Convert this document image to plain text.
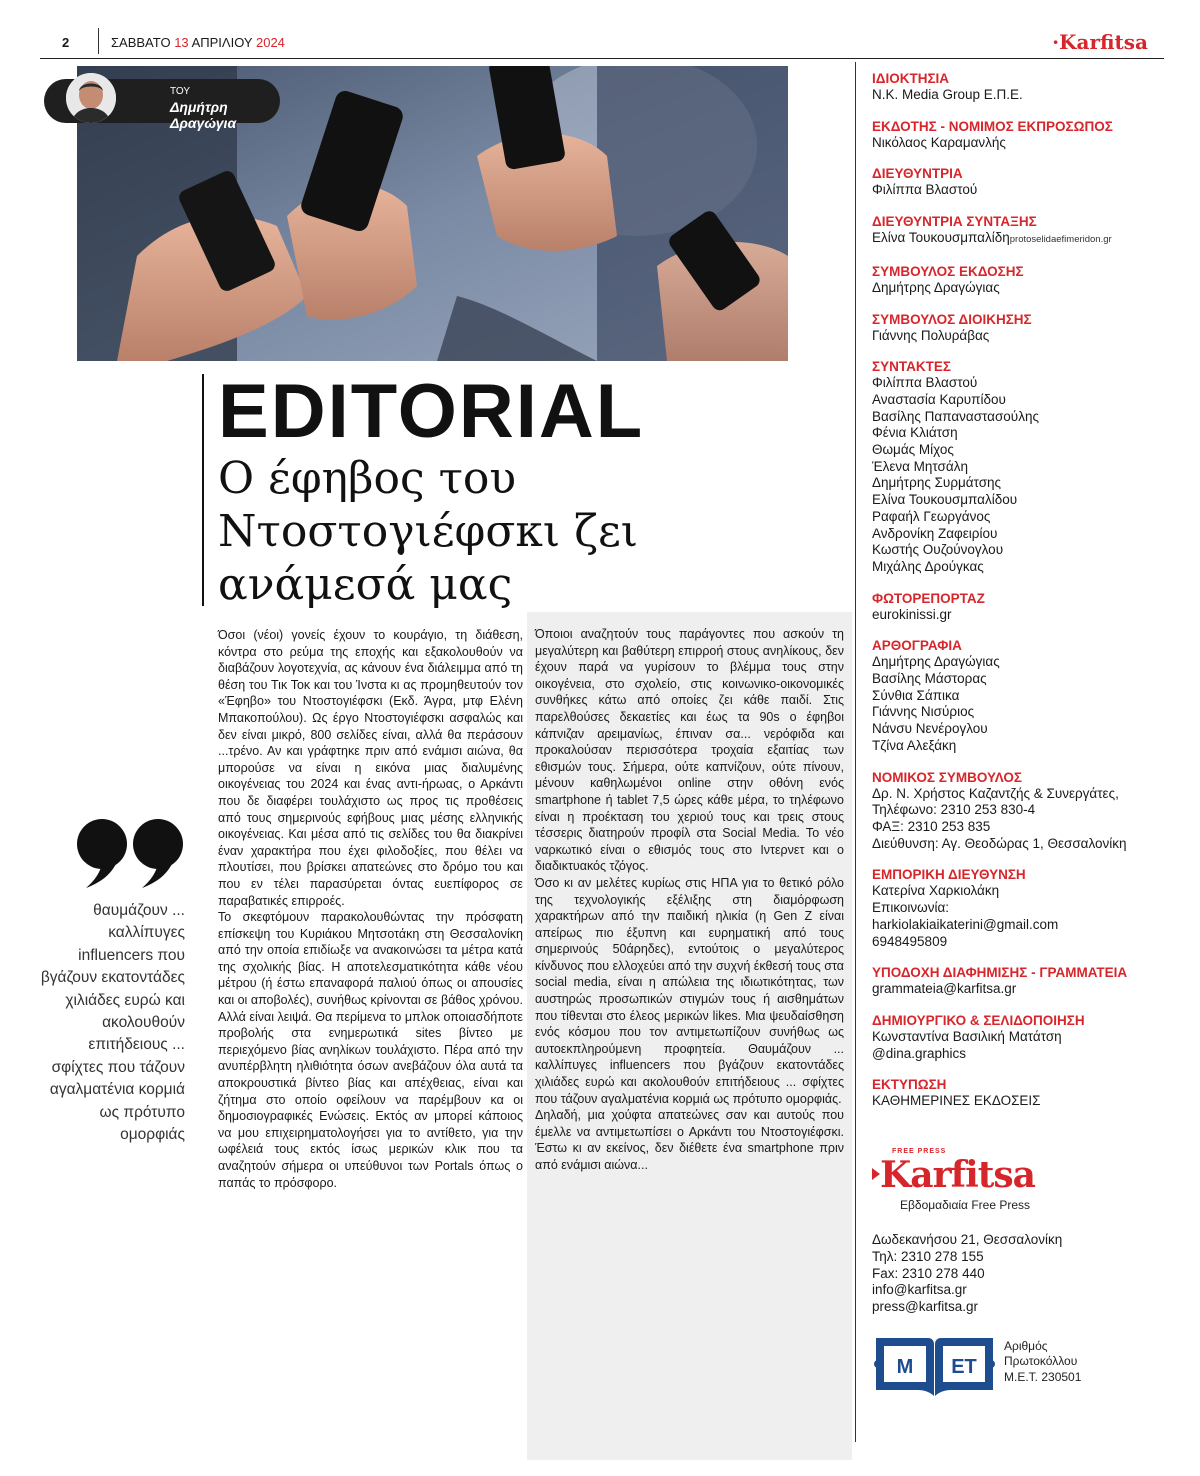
2	ΣΑΒΒΑΤΟ 13 ΑΠΡΙΛΙΟΥ 2024	·Karfitsa
ΤΟΥ
Δημήτρη Δραγώγια
EDITORIAL
Ο έφηβος του Ντοστογιέφσκι ζει ανάμεσά μας
θαυμάζουν ... καλλίπυγες influencers που βγάζουν εκατοντάδες χιλιάδες ευρώ και ακολουθούν επιτήδειους ... σφίχτες που τάζουν αγαλματένια κορμιά ως πρότυπο ομορφιάς

Όσοι (νέοι) γονείς έχουν το κουράγιο, τη διάθεση, κόντρα στο ρεύμα της εποχής και εξακολουθούν να διαβάζουν λογοτεχνία, ας κάνουν ένα διάλειμμα από τη θέση του Τικ Τοκ και του Ίνστα κι ας προμηθευτούν τον «Έφηβο» του Ντοστογιέφσκι (Εκδ. Άγρα, μτφ Ελένη Μπακοπούλου). Ως έργο Ντοστογιέφσκι ασφαλώς και δεν είναι μικρό, 800 σελίδες είναι, αλλά θα περάσουν ...τρένο. Αν και γράφτηκε πριν από ενάμισι αιώνα, θα μπορούσε να είναι η εικόνα μιας διαλυμένης οικογένειας του 2024 και ένας αντι-ήρωας, ο Αρκάντι που δε διαφέρει τουλάχιστο ως προς τις προθέσεις από τους σημερινούς εφήβους μιας μέσης ελληνικής οικογένειας. Και μέσα από τις σελίδες του θα διακρίνει έναν χαρακτήρα που έχει φιλοδοξίες, που θέλει να πλουτίσει, που βρίσκει απατεώνες στο δρόμο του και που εν τέλει παρασύρεται όντας ευεπίφορος σε παραβατικές επιρροές.

Το σκεφτόμουν παρακολουθώντας την πρόσφατη επίσκεψη του Κυριάκου Μητσοτάκη στη Θεσσαλονίκη από την οποία επιδίωξε να ανακοινώσει τα μέτρα κατά της σχολικής βίας. Η αποτελεσματικότητα κάθε νέου μέτρου (ή έστω επαναφορά παλιού όπως οι απουσίες και οι αποβολές), συνήθως κρίνονται σε βάθος χρόνου. Αλλά είναι λειψά. Θα περίμενα το μπλοκ οποιασδήποτε προβολής στα ενημερωτικά sites βίντεο με περιεχόμενο βίας ανηλίκων τουλάχιστο. Πέρα από την ανυπέρβλητη ηλιθιότητα όσων ανεβάζουν όλα αυτά τα αποκρουστικά βίντεο βίας και απέχθειας, είναι και ζήτημα στο οποίο οφείλουν να παρέμβουν κα οι δημοσιογραφικές Ενώσεις. Εκτός αν μπορεί κάποιος να μου επιχειρηματολογήσει για το αντίθετο, για την ωφέλειά τους εκτός ίσως μερικών κλικ που τα αναζητούν σήμερα οι υπεύθυνοι των Portals όπως ο παπάς το πρόσφορο.

Όποιοι αναζητούν τους παράγοντες που ασκούν τη μεγαλύτερη και βαθύτερη επιρροή στους ανηλίκους, δεν έχουν παρά να γυρίσουν το βλέμμα τους στην οικογένεια, στο σχολείο, στις κοινωνικο-οικονομικές συνθήκες κάτω από οποίες ζει κάθε παιδί. Στις παρελθούσες δεκαετίες και έως τα 90s ο έφηβοι κάπνιζαν αρειμανίως, έπιναν σα... νερόφιδα και προκαλούσαν περισσότερα τροχαία εξαιτίας των εθισμών τους. Σήμερα, ούτε καπνίζουν, ούτε πίνουν, μένουν καθηλωμένοι online στην οθόνη ενός smartphone ή tablet 7,5 ώρες κάθε μέρα, το τηλέφωνο είναι η προέκταση του χεριού τους και τρεις στους τέσσερις διατηρούν προφίλ στα Social Media. Το νέο ναρκωτικό είναι ο εθισμός τους στο Ιντερνετ και ο διαδικτυακός τζόγος.

Όσο κι αν μελέτες κυρίως στις ΗΠΑ για το θετικό ρόλο της τεχνολογικής εξέλιξης στη διαμόρφωση χαρακτήρων από την παιδική ηλικία (η Gen Z είναι απείρως πιο έξυπνη και ευρηματική από τους σημερινούς 50άρηδες), εντούτοις ο μεγαλύτερος κίνδυνος που ελλοχεύει από την συχνή έκθεσή τους στα social media, είναι η απώλεια της ιδιωτικότητας, των αυστηρώς προσωπικών στιγμών τους ή αισθημάτων που τίθενται στο έλεος μερικών likes. Μια ψευδαίσθηση ενός κόσμου που τον αντιμετωπίζουν συνήθως ως αυτοεκπληρούμενη προφητεία. Θαυμάζουν ... καλλίπυγες influencers που βγάζουν εκατοντάδες χιλιάδες ευρώ και ακολουθούν επιτήδειους ... σφίχτες που τάζουν αγαλματένια κορμιά ως πρότυπο ομορφιάς.

Δηλαδή, μια χούφτα απατεώνες σαν και αυτούς που έμελλε να αντιμετωπίσει ο Αρκάντι του Ντοστογιέφσκι. Έστω κι αν εκείνος, δεν διέθετε ένα smartphone πριν από ενάμισι αιώνα...

ΙΔΙΟΚΤΗΣΙΑ
N.K. Media Group Ε.Π.Ε.
ΕΚΔΟΤΗΣ - ΝΟΜΙΜΟΣ ΕΚΠΡΟΣΩΠΟΣ
Νικόλαος Καραμανλής
ΔΙΕΥΘΥΝΤΡΙΑ
Φιλίππα Βλαστού
ΔΙΕΥΘΥΝΤΡΙΑ ΣΥΝΤΑΞΗΣ
Ελίνα Τουκουσμπαλίδηprotoselidaefimeridon.gr
ΣΥΜΒΟΥΛΟΣ ΕΚΔΟΣΗΣ
Δημήτρης Δραγώγιας
ΣΥΜΒΟΥΛΟΣ ΔΙΟΙΚΗΣΗΣ
Γιάννης Πολυράβας
ΣΥΝΤΑΚΤΕΣ
Φιλίππα Βλαστού
Αναστασία Καρυπίδου
Βασίλης Παπαναστασούλης
Φένια Κλιάτση
Θωμάς Μίχος
Έλενα Μητσάλη
Δημήτρης Συρμάτσης
Ελίνα Τουκουσμπαλίδου
Ραφαήλ Γεωργάνος
Ανδρονίκη Ζαφειρίου
Κωστής Ουζούνογλου
Μιχάλης Δρούγκας
ΦΩΤΟΡΕΠΟΡΤΑΖ
eurokinissi.gr
ΑΡΘΟΓΡΑΦΙΑ
Δημήτρης Δραγώγιας
Βασίλης Μάστορας
Σύνθια Σάπικα
Γιάννης Νισύριος
Νάνσυ Νενέρογλου
Τζίνα Αλεξάκη
ΝΟΜΙΚΟΣ ΣΥΜΒΟΥΛΟΣ
Δρ. Ν. Χρήστος Καζαντζής & Συνεργάτες,
Τηλέφωνο: 2310 253 830-4
ΦΑΞ: 2310 253 835
Διεύθυνση: Αγ. Θεοδώρας 1, Θεσσαλονίκη
ΕΜΠΟΡΙΚΗ ΔΙΕΥΘΥΝΣΗ
Κατερίνα Χαρκιολάκη
Επικοινωνία:
harkiolakiaikaterini@gmail.com
6948495809
ΥΠΟΔΟΧΗ ΔΙΑΦΗΜΙΣΗΣ - ΓΡΑΜΜΑΤΕΙΑ
grammateia@karfitsa.gr
ΔΗΜΙΟΥΡΓΙΚΟ & ΣΕΛΙΔΟΠΟΙΗΣΗ
Κωνσταντίνα Βασιλική Ματάτση
@dina.graphics
ΕΚΤΥΠΩΣΗ
ΚΑΘΗΜΕΡΙΝΕΣ ΕΚΔΟΣΕΙΣ
FREE PRESS
Karfitsa
Εβδομαδιαία Free Press
Δωδεκανήσου 21, Θεσσαλονίκη
Τηλ: 2310 278 155
Fax: 2310 278 440
info@karfitsa.gr
press@karfitsa.gr
Μ ΕΤ
Αριθμός
Πρωτοκόλλου
Μ.Ε.Τ. 230501
